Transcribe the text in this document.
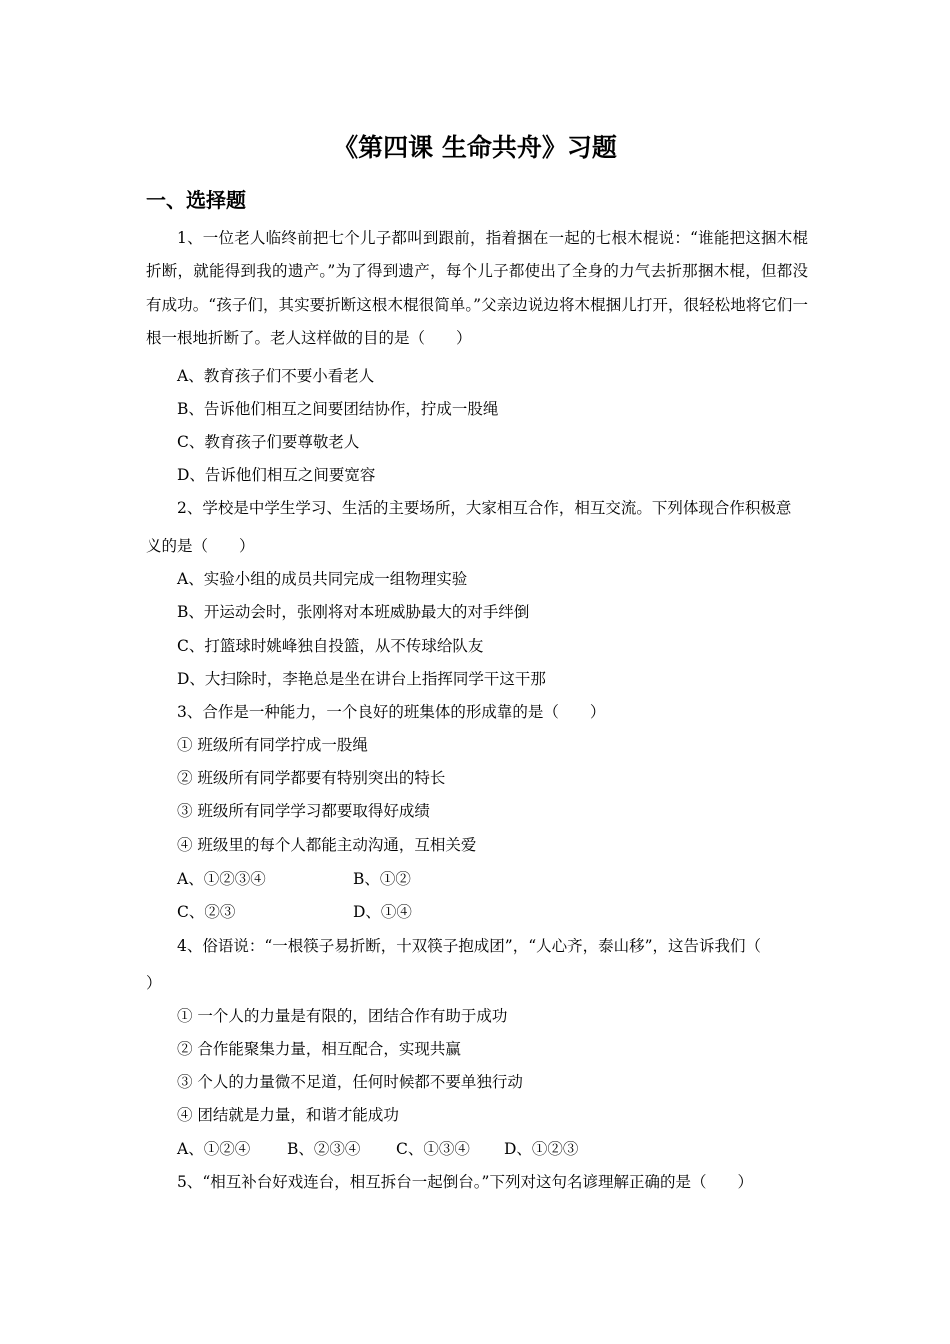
《第四课 生命共舟》习题
一、选择题
1、一位老人临终前把七个儿子都叫到跟前，指着捆在一起的七根木棍说：“谁能把这捆木棍折断，就能得到我的遗产。”为了得到遗产，每个儿子都使出了全身的力气去折那捆木棍，但都没有成功。“孩子们，其实要折断这根木棍很简单。”父亲边说边将木棍捆儿打开，很轻松地将它们一根一根地折断了。老人这样做的目的是（　　）
A、教育孩子们不要小看老人
B、告诉他们相互之间要团结协作，拧成一股绳
C、教育孩子们要尊敬老人
D、告诉他们相互之间要宽容
2、学校是中学生学习、生活的主要场所，大家相互合作，相互交流。下列体现合作积极意
义的是（　　）
A、实验小组的成员共同完成一组物理实验
B、开运动会时，张刚将对本班威胁最大的对手绊倒
C、打篮球时姚峰独自投篮，从不传球给队友
D、大扫除时，李艳总是坐在讲台上指挥同学干这干那
3、合作是一种能力，一个良好的班集体的形成靠的是（　　）
① 班级所有同学拧成一股绳
② 班级所有同学都要有特别突出的特长
③ 班级所有同学学习都要取得好成绩
④ 班级里的每个人都能主动沟通，互相关爱
A、①②③④	B、①②
C、②③	D、①④
4、俗语说：“一根筷子易折断，十双筷子抱成团”，“人心齐，泰山移”，这告诉我们（
）
① 一个人的力量是有限的，团结合作有助于成功
② 合作能聚集力量，相互配合，实现共赢
③ 个人的力量微不足道，任何时候都不要单独行动
④ 团结就是力量，和谐才能成功
A、①②④ B、②③④ C、①③④ D、①②③
5、“相互补台好戏连台，相互拆台一起倒台。”下列对这句名谚理解正确的是（　　）
